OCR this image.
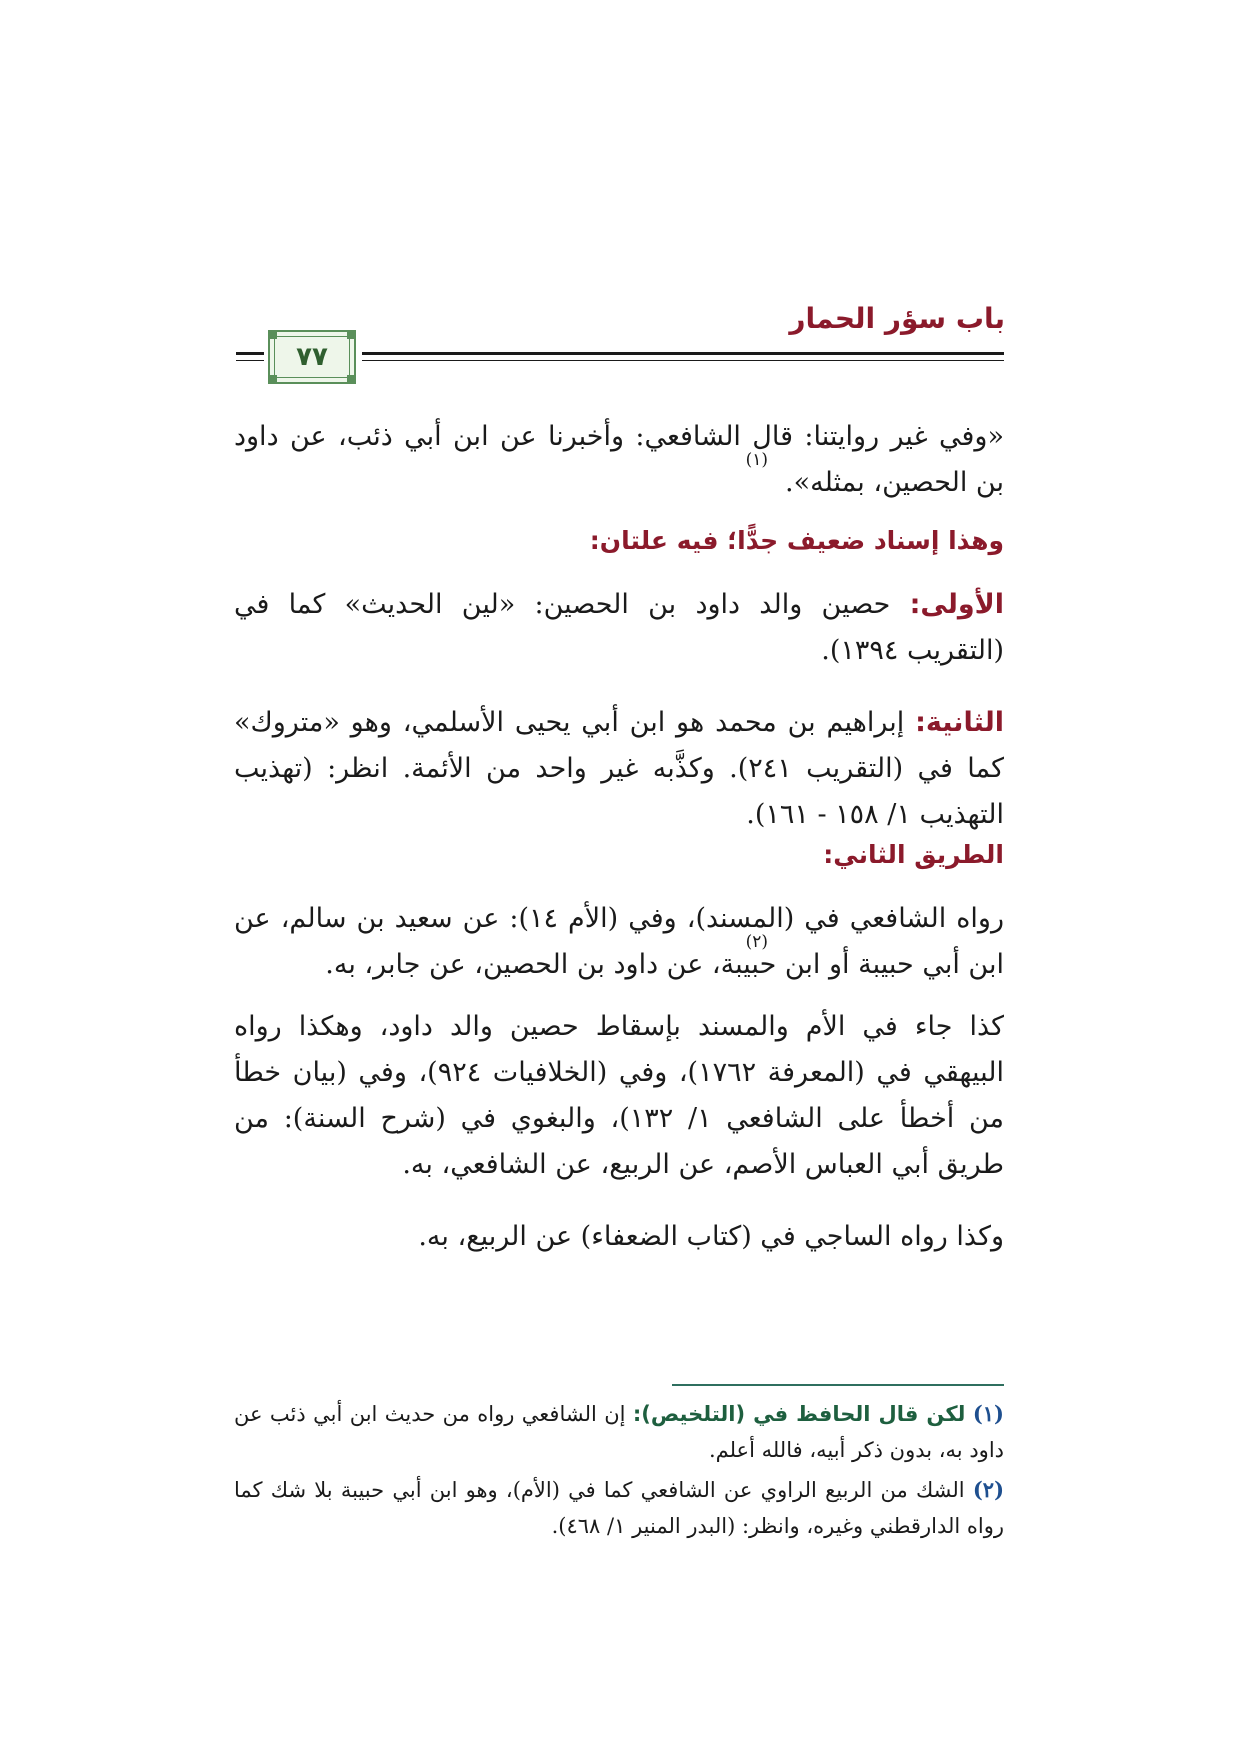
باب سؤر الحمار
٧٧
«وفي غير روايتنا: قال الشافعي: وأخبرنا عن ابن أبي ذئب، عن داود بن الحصين، بمثله
(١)
».
وهذا إسناد ضعيف جدًّا؛ فيه علتان:
الأولى: حصين والد داود بن الحصين: «لين الحديث» كما في (التقريب ١٣٩٤).
الثانية: إبراهيم بن محمد هو ابن أبي يحيى الأسلمي، وهو «متروك» كما في (التقريب ٢٤١). وكذَّبه غير واحد من الأئمة. انظر: (تهذيب التهذيب ١/ ١٥٨ - ١٦١).
الطريق الثاني:
رواه الشافعي في (المسند)، وفي (الأم ١٤): عن سعيد بن سالم، عن ابن أبي حبيبة أو ابن حبيبة
(٢)
، عن داود بن الحصين، عن جابر، به.
كذا جاء في الأم والمسند بإسقاط حصين والد داود، وهكذا رواه البيهقي في (المعرفة ١٧٦٢)، وفي (الخلافيات ٩٢٤)، وفي (بيان خطأ من أخطأ على الشافعي ١/ ١٣٢)، والبغوي في (شرح السنة): من طريق أبي العباس الأصم، عن الربيع، عن الشافعي، به.
وكذا رواه الساجي في (كتاب الضعفاء) عن الربيع، به.
(١) لكن قال الحافظ في (التلخيص): إن الشافعي رواه من حديث ابن أبي ذئب عن داود به، بدون ذكر أبيه، فالله أعلم.
(٢) الشك من الربيع الراوي عن الشافعي كما في (الأم)، وهو ابن أبي حبيبة بلا شك كما رواه الدارقطني وغيره، وانظر: (البدر المنير ١/ ٤٦٨).
